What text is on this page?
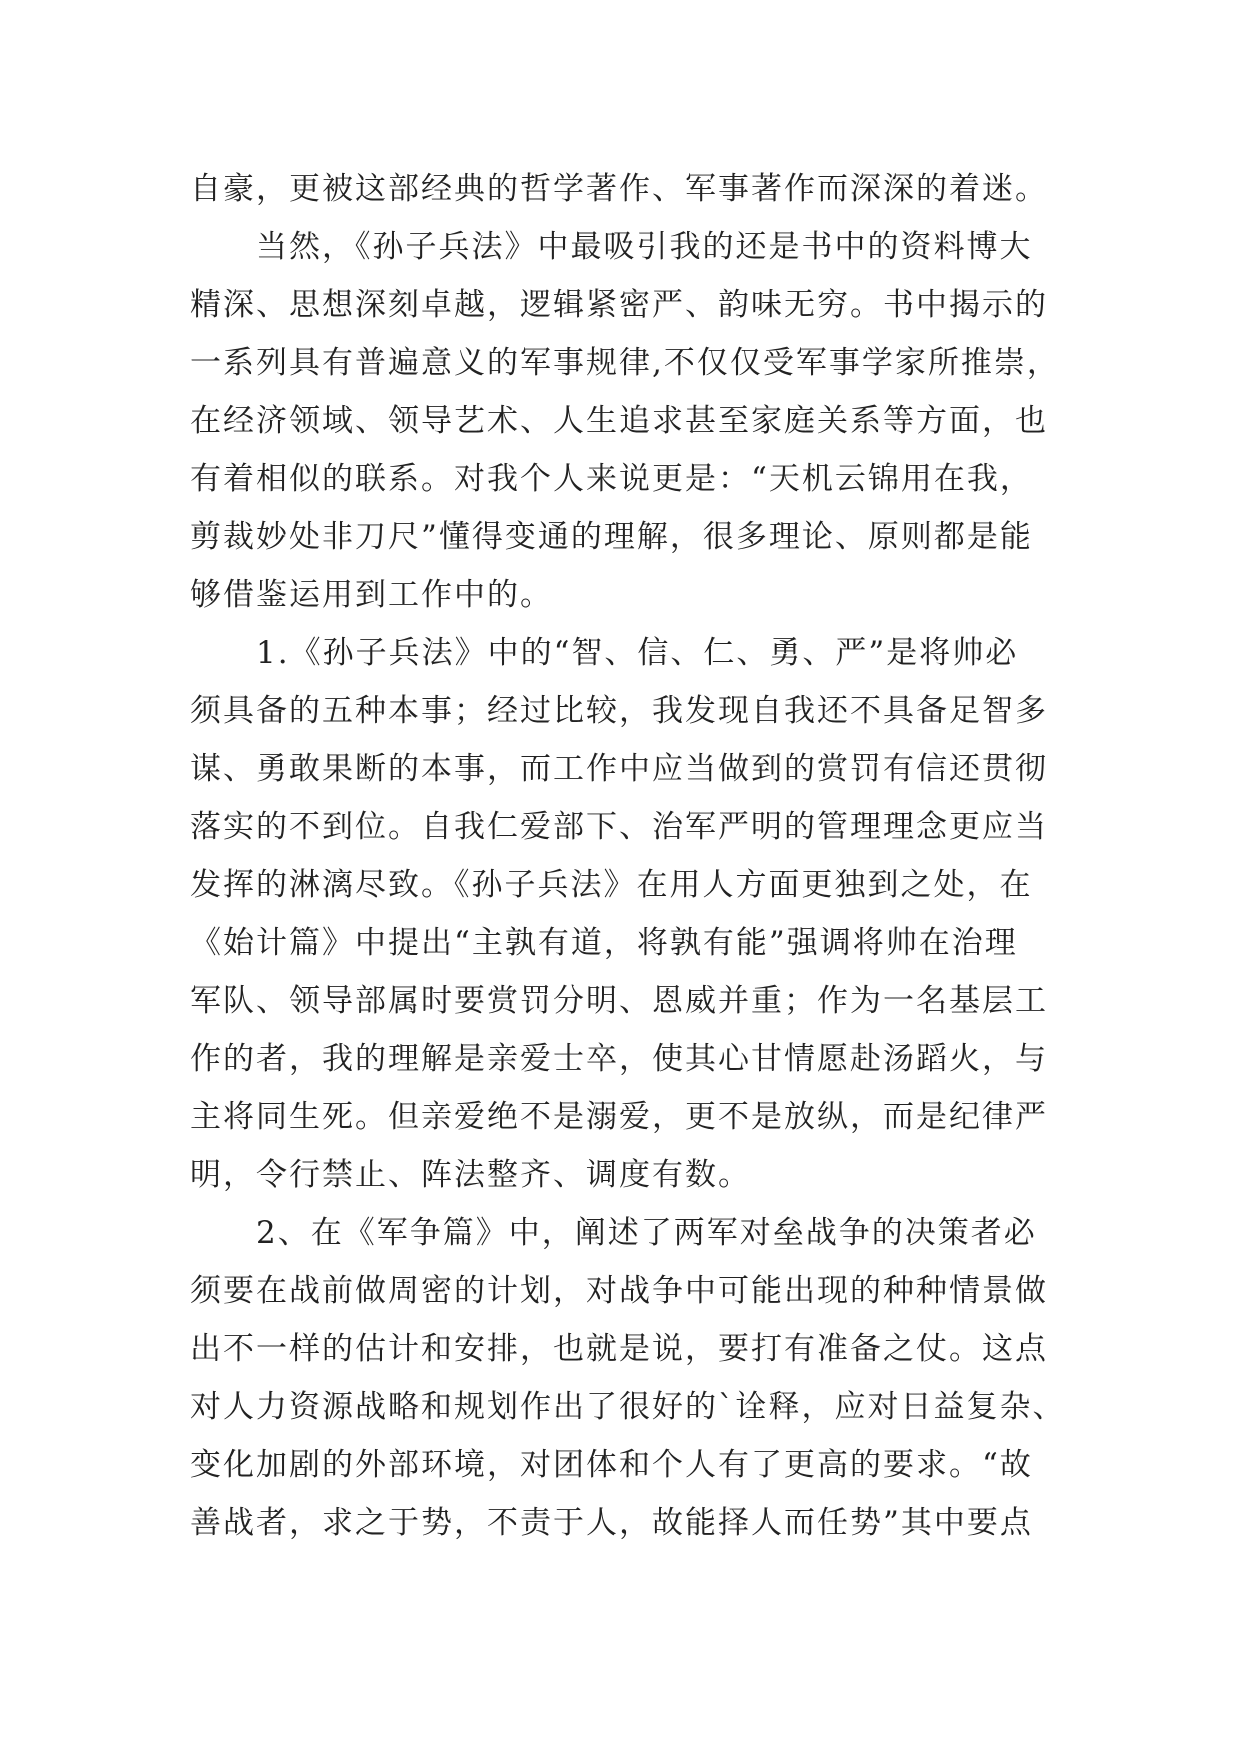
自豪，更被这部经典的哲学著作、军事著作而深深的着迷。
　　当然，《孙子兵法》中最吸引我的还是书中的资料博大
精深、思想深刻卓越，逻辑紧密严、韵味无穷。书中揭示的
一系列具有普遍意义的军事规律,不仅仅受军事学家所推崇，
在经济领域、领导艺术、人生追求甚至家庭关系等方面，也
有着相似的联系。对我个人来说更是：“天机云锦用在我，
剪裁妙处非刀尺”懂得变通的理解，很多理论、原则都是能
够借鉴运用到工作中的。
　　1.《孙子兵法》中的“智、信、仁、勇、严”是将帅必
须具备的五种本事；经过比较，我发现自我还不具备足智多
谋、勇敢果断的本事，而工作中应当做到的赏罚有信还贯彻
落实的不到位。自我仁爱部下、治军严明的管理理念更应当
发挥的淋漓尽致。《孙子兵法》在用人方面更独到之处，在
《始计篇》中提出“主孰有道，将孰有能”强调将帅在治理
军队、领导部属时要赏罚分明、恩威并重；作为一名基层工
作的者，我的理解是亲爱士卒，使其心甘情愿赴汤蹈火，与
主将同生死。但亲爱绝不是溺爱，更不是放纵，而是纪律严
明，令行禁止、阵法整齐、调度有数。
　　2、在《军争篇》中，阐述了两军对垒战争的决策者必
须要在战前做周密的计划，对战争中可能出现的种种情景做
出不一样的估计和安排，也就是说，要打有准备之仗。这点
对人力资源战略和规划作出了很好的`诠释，应对日益复杂、
变化加剧的外部环境，对团体和个人有了更高的要求。“故
善战者，求之于势，不责于人，故能择人而任势”其中要点
